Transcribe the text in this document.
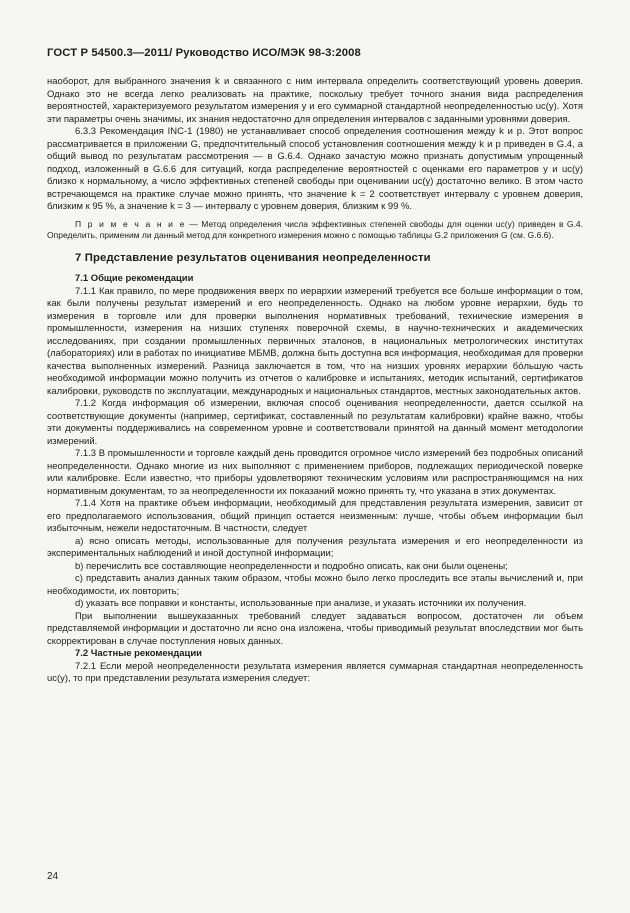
ГОСТ Р 54500.3—2011/ Руководство ИСО/МЭК 98-3:2008

наоборот, для выбранного значения k и связанного с ним интервала определить соответствующий уровень доверия. Однако это не всегда легко реализовать на практике, поскольку требует точного знания вида распределения вероятностей, характеризуемого результатом измерения y и его суммарной стандартной неопределенностью uc(y). Хотя эти параметры очень значимы, их знания недостаточно для определения интервалов с заданными уровнями доверия.

6.3.3 Рекомендация INC-1 (1980) не устанавливает способ определения соотношения между k и p. Этот вопрос рассматривается в приложении G, предпочтительный способ установления соотношения между k и p приведен в G.4, а общий вывод по результатам рассмотрения — в G.6.4. Однако зачастую можно признать допустимым упрощенный подход, изложенный в G.6.6 для ситуаций, когда распределение вероятностей с оценками его параметров y и uc(y) близко к нормальному, а число эффективных степеней свободы при оценивании uc(y) достаточно велико. В этом часто встречающемся на практике случае можно принять, что значение k = 2 соответствует интервалу с уровнем доверия, близким к 95 %, а значение k = 3 — интервалу с уровнем доверия, близким к 99 %.

П р и м е ч а н и е — Метод определения числа эффективных степеней свободы для оценки uc(y) приведен в G.4. Определить, применим ли данный метод для конкретного измерения можно с помощью таблицы G.2 приложения G (см. G.6.6).

7 Представление результатов оценивания неопределенности

7.1 Общие рекомендации

7.1.1 Как правило, по мере продвижения вверх по иерархии измерений требуется все больше информации о том, как были получены результат измерений и его неопределенность. Однако на любом уровне иерархии, будь то измерения в торговле или для проверки выполнения нормативных требований, технические измерения в промышленности, измерения на низших ступенях поверочной схемы, в научно-технических и академических исследованиях, при создании промышленных первичных эталонов, в национальных метрологических институтах (лабораториях) или в работах по инициативе МБМВ, должна быть доступна вся информация, необходимая для проверки качества выполненных измерений. Разница заключается в том, что на низших уровнях иерархии бо́льшую часть необходимой информации можно получить из отчетов о калибровке и испытаниях, методик испытаний, сертификатов калибровки, руководств по эксплуатации, международных и национальных стандартов, местных законодательных актов.

7.1.2 Когда информация об измерении, включая способ оценивания неопределенности, дается ссылкой на соответствующие документы (например, сертификат, составленный по результатам калибровки) крайне важно, чтобы эти документы поддерживались на современном уровне и соответствовали принятой на данный момент методологии измерений.

7.1.3 В промышленности и торговле каждый день проводится огромное число измерений без подробных описаний неопределенности. Однако многие из них выполняют с применением приборов, подлежащих периодической поверке или калибровке. Если известно, что приборы удовлетворяют техническим условиям или распространяющимся на них нормативным документам, то за неопределенности их показаний можно принять ту, что указана в этих документах.

7.1.4 Хотя на практике объем информации, необходимый для представления результата измерения, зависит от его предполагаемого использования, общий принцип остается неизменным: лучше, чтобы объем информации был избыточным, нежели недостаточным. В частности, следует

а) ясно описать методы, использованные для получения результата измерения и его неопределенности из экспериментальных наблюдений и иной доступной информации;

b) перечислить все составляющие неопределенности и подробно описать, как они были оценены;

c) представить анализ данных таким образом, чтобы можно было легко проследить все этапы вычислений и, при необходимости, их повторить;

d) указать все поправки и константы, использованные при анализе, и указать источники их получения.

При выполнении вышеуказанных требований следует задаваться вопросом, достаточен ли объем представляемой информации и достаточно ли ясно она изложена, чтобы приводимый результат впоследствии мог быть скорректирован в случае поступления новых данных.

7.2 Частные рекомендации

7.2.1 Если мерой неопределенности результата измерения является суммарная стандартная неопределенность uc(y), то при представлении результата измерения следует:

24
